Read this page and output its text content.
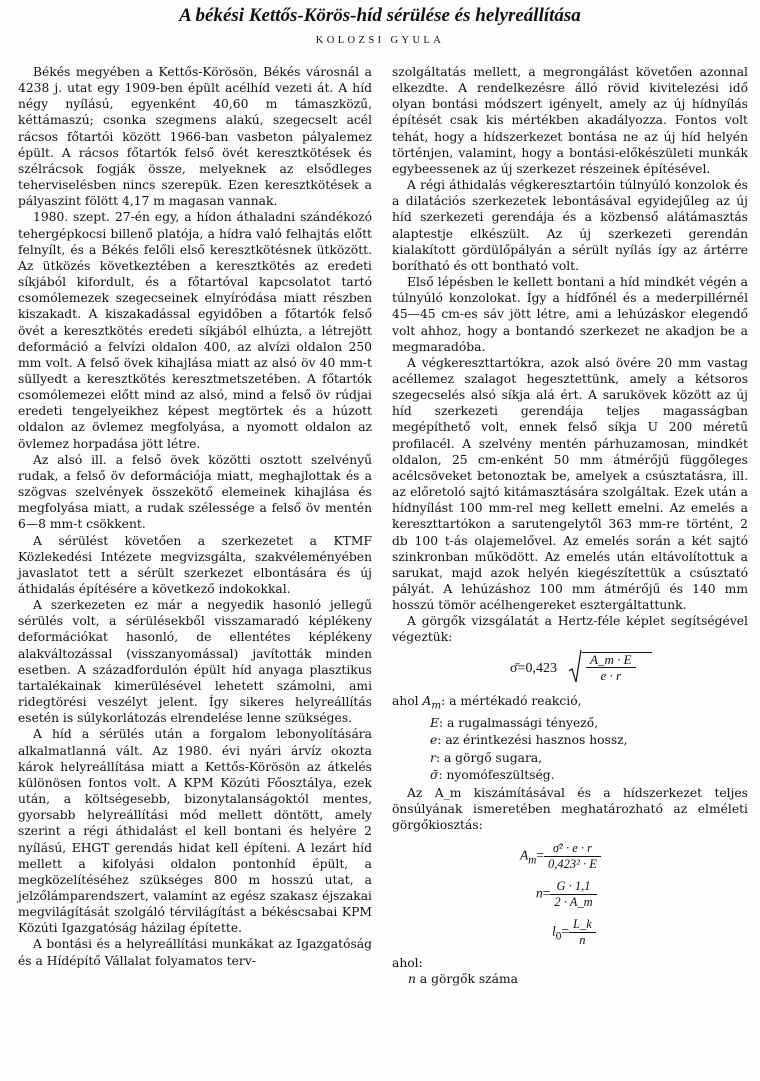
A békési Kettős-Körös-híd sérülése és helyreállítása
KOLOZSI GYULA

Békés megyében a Kettős-Körösön, Békés városnál a 4238 j. utat egy 1909-ben épült acélhíd vezeti át. A híd négy nyílású, egyenként 40,60 m támaszközű, kéttámaszú; csonka szegmens alakú, szegecselt acél rácsos főtartói között 1966-ban vasbeton pályalemez épült. A rácsos főtartók felső övét keresztkötések és szélrácsok fogják össze, melyeknek az elsődleges teherviselésben nincs szerepük. Ezen keresztkötések a pályaszint fölött 4,17 m magasan vannak.

1980. szept. 27-én egy, a hídon áthaladni szándékozó tehergépkocsi billenő platója, a hídra való felhajtás előtt felnyílt, és a Békés felőli első keresztkötésnek ütközött. Az ütközés következtében a keresztkötés az eredeti síkjából kifordult, és a főtartóval kapcsolatot tartó csomólemezek szegecseinek elnyíródása miatt részben kiszakadt. A kiszakadással egyidőben a főtartók felső övét a keresztkötés eredeti síkjából elhúzta, a létrejött deformáció a felvízi oldalon 400, az alvízi oldalon 250 mm volt. A felső övek kihajlása miatt az alsó öv 40 mm-t süllyedt a keresztkötés keresztmetszetében. A főtartók csomólemezei előtt mind az alsó, mind a felső öv rúdjai eredeti tengelyeikhez képest megtörtek és a húzott oldalon az övlemez megfolyása, a nyomott oldalon az övlemez horpadása jött létre.

Az alsó ill. a felső övek közötti osztott szelvényű rudak, a felső öv deformációja miatt, meghajlottak és a szögvas szelvények összekötő elemeinek kihajlása és megfolyása miatt, a rudak szélessége a felső öv mentén 6—8 mm-t csökkent.

A sérülést követően a szerkezetet a KTMF Közlekedési Intézete megvizsgálta, szakvéleményében javaslatot tett a sérült szerkezet elbontására és új áthidalás építésére a következő indokokkal.

A szerkezeten ez már a negyedik hasonló jellegű sérülés volt, a sérülésekből visszamaradó képlékeny deformációkat hasonló, de ellentétes képlékeny alakváltozással (visszanyomással) javították minden esetben. A századfordulón épült híd anyaga plasztikus tartalékainak kimerülésével lehetett számolni, ami ridegtörési veszélyt jelent. Így sikeres helyreállítás esetén is súlykorlátozás elrendelése lenne szükséges.

A híd a sérülés után a forgalom lebonyolítására alkalmatlanná vált. Az 1980. évi nyári árvíz okozta károk helyreállítása miatt a Kettős-Körösön az átkelés különösen fontos volt. A KPM Közúti Főosztálya, ezek után, a költségesebb, bizonytalanságoktól mentes, gyorsabb helyreállítási mód mellett döntött, amely szerint a régi áthidalást el kell bontani és helyére 2 nyílású, EHGT gerendás hidat kell építeni. A lezárt híd mellett a kifolyási oldalon pontonhíd épült, a megközelítéséhez szükséges 800 m hosszú utat, a jelzőlámparendszert, valamint az egész szakasz éjszakai megvilágítását szolgáló térvilágítást a békéscsabai KPM Közúti Igazgatóság házilag építette.

A bontási és a helyreállítási munkákat az Igazgatóság és a Hídépítő Vállalat folyamatos terv-

szolgáltatás mellett, a megrongálást követően azonnal elkezdte. A rendelkezésre álló rövid kivitelezési idő olyan bontási módszert igényelt, amely az új hídnyílás építését csak kis mértékben akadályozza. Fontos volt tehát, hogy a hídszerkezet bontása ne az új híd helyén történjen, valamint, hogy a bontási-előkészületi munkák egybeessenek az új szerkezet részeinek építésével.

A régi áthidalás végkeresztartóin túlnyúló konzolok és a dilatációs szerkezetek lebontásával egyidejűleg az új híd szerkezeti gerendája és a közbenső alátámasztás alaptestje elkészült. Az új szerkezeti gerendán kialakított gördülőpályán a sérült nyílás így az ártérre borítható és ott bontható volt.

Első lépésben le kellett bontani a híd mindkét végén a túlnyúló konzolokat. Így a hídfőnél és a mederpillérnél 45—45 cm-es sáv jött létre, ami a lehúzáskor elegendő volt ahhoz, hogy a bontandó szerkezet ne akadjon be a megmaradóba.

A végkereszttartókra, azok alsó övére 20 mm vastag acéllemez szalagot hegesztettünk, amely a kétsoros szegecselés alsó síkja alá ért. A sarukövek között az új híd szerkezeti gerendája teljes magasságban megépíthető volt, ennek felső síkja U 200 méretű profilacél. A szelvény mentén párhuzamosan, mindkét oldalon, 25 cm-enként 50 mm átmérőjű függőleges acélcsöveket betonoztak be, amelyek a csúsztatásra, ill. az előretoló sajtó kitámasztására szolgáltak. Ezek után a hídnyílást 100 mm-rel meg kellett emelni. Az emelés a kereszttartókon a sarutengelytől 363 mm-re történt, 2 db 100 t-ás olajemelővel. Az emelés során a két sajtó szinkronban működött. Az emelés után eltávolítottuk a sarukat, majd azok helyén kiegészítettük a csúsztató pályát. A lehúzáshoz 100 mm átmérőjű és 140 mm hosszú tömör acélhengereket esztergáltattunk.

A görgők vizsgálatát a Hertz-féle képlet segítségével végeztük:

σ̄=0,423 $\frac{A\_m \cdot E}{e \cdot r}$
ahol $A_m$: a mértékadó reakció,
E: a rugalmassági tényező,
e: az érintkezési hasznos hossz,
r: a görgő sugara,
σ̄: nyomófeszültség.

Az A_m kiszámításával és a hídszerkezet teljes önsúlyának ismeretében meghatározható az elméleti görgőkiosztás:

$A_m= \frac{\text{σ̄² · e · r}}{\text{0,423² · E}}$
$n= \frac{G \cdot 1,1}{2 \cdot A\_m}$
$l_0= \frac{L\_k}{n}$
ahol:
n a görgők száma
